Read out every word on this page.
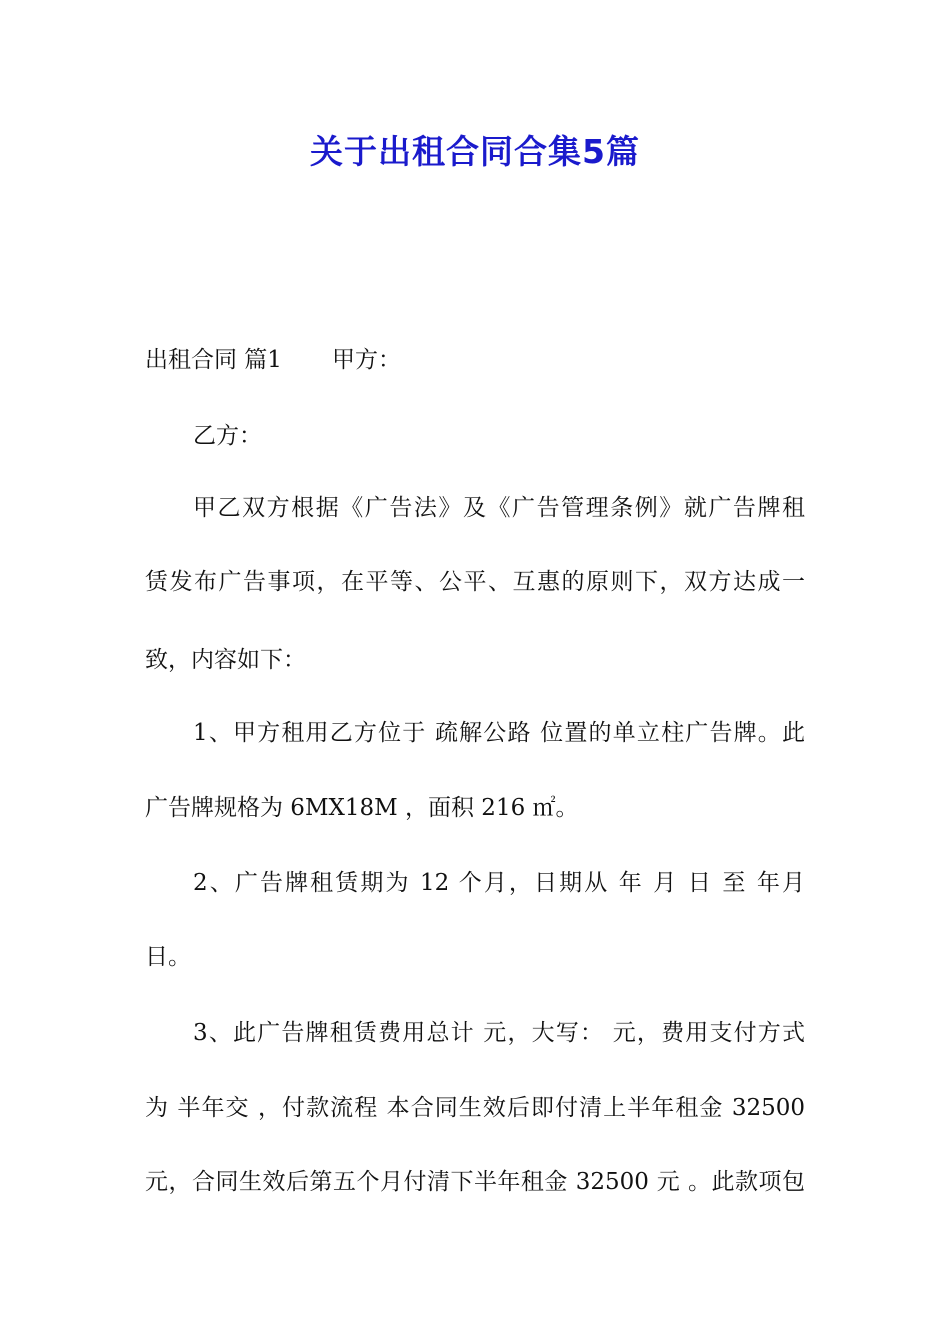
关于出租合同合集5篇

出租合同 篇1 甲方：

乙方：

甲乙双方根据《广告法》及《广告管理条例》就广告牌租

赁发布广告事项，在平等、公平、互惠的原则下，双方达成一

致，内容如下：

1、甲方租用乙方位于 疏解公路 位置的单立柱广告牌。此

广告牌规格为 6MX18M ，面积 216 ㎡。

2、广告牌租赁期为 12 个月，日期从 年 月 日 至 年月

日。

3、此广告牌租赁费用总计 元，大写： 元，费用支付方式

为 半年交 ，付款流程 本合同生效后即付清上半年租金 32500

元，合同生效后第五个月付清下半年租金 32500 元 。此款项包
